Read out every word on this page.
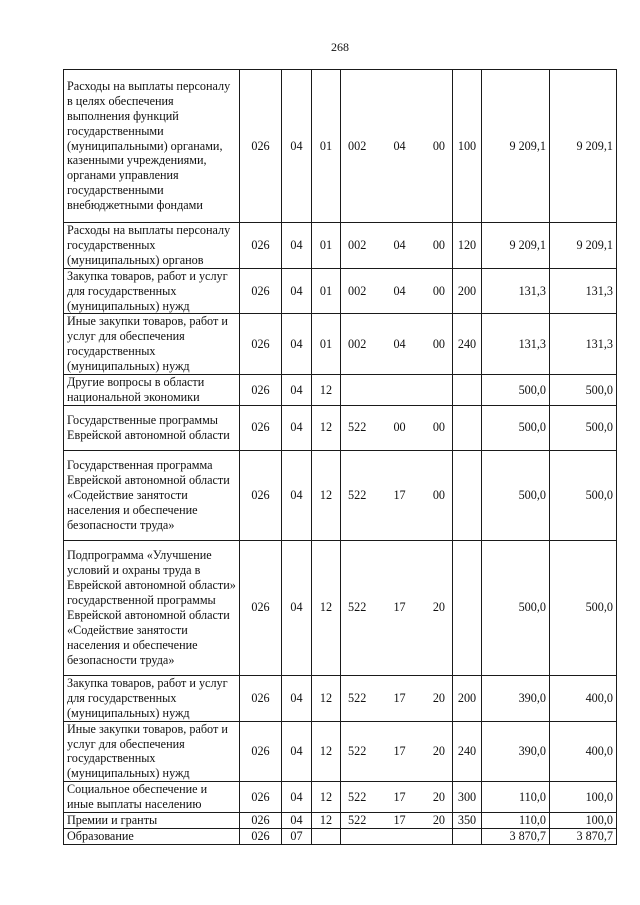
268
Расходы на выплаты персоналу в целях обеспечения выполнения функций государственными (муниципальными) органами, казенными учреждениями, органами управления государственными внебюджетными фондами	026	04	01	002 04 00	100	9 209,1	9 209,1
Расходы на выплаты персоналу государственных (муниципальных) органов	026	04	01	002 04 00	120	9 209,1	9 209,1
Закупка товаров, работ и услуг для государственных (муниципальных) нужд	026	04	01	002 04 00	200	131,3	131,3
Иные закупки товаров, работ и услуг для обеспечения государственных (муниципальных) нужд	026	04	01	002 04 00	240	131,3	131,3
Другие вопросы в области национальной экономики	026	04	12			500,0	500,0
Государственные программы Еврейской автономной области	026	04	12	522 00 00		500,0	500,0
Государственная программа Еврейской автономной области «Содействие занятости населения и обеспечение безопасности труда»	026	04	12	522 17 00		500,0	500,0
Подпрограмма «Улучшение условий и охраны труда в Еврейской автономной области» государственной программы Еврейской автономной области «Содействие занятости населения и обеспечение безопасности труда»	026	04	12	522 17 20		500,0	500,0
Закупка товаров, работ и услуг для государственных (муниципальных) нужд	026	04	12	522 17 20	200	390,0	400,0
Иные закупки товаров, работ и услуг для обеспечения государственных (муниципальных) нужд	026	04	12	522 17 20	240	390,0	400,0
Социальное обеспечение и иные выплаты населению	026	04	12	522 17 20	300	110,0	100,0
Премии и гранты	026	04	12	522 17 20	350	110,0	100,0
Образование	026	07				3 870,7	3 870,7
